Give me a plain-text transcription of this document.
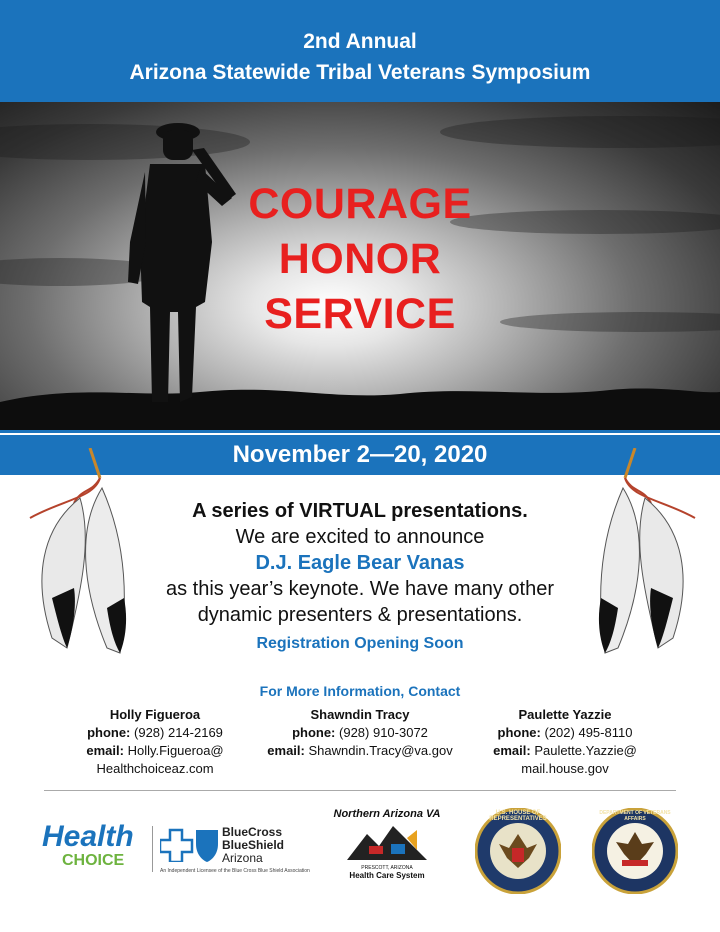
2nd Annual
Arizona Statewide Tribal Veterans Symposium
COURAGE
HONOR
SERVICE
November 2—20, 2020
A series of VIRTUAL presentations.
We are excited to announce
D.J. Eagle Bear Vanas
as this year’s keynote. We have many other
dynamic presenters & presentations.
Registration Opening Soon
For More Information, Contact
Holly Figueroa
phone: (928) 214-2169
email: Holly.Figueroa@
Healthchoiceaz.com
Shawndin Tracy
phone: (928) 910-3072
email: Shawndin.Tracy@va.gov
Paulette Yazzie
phone: (202) 495-8110
email: Paulette.Yazzie@
mail.house.gov
Health
CHOICE
BlueCross
BlueShield
Arizona
An Independent Licensee of the Blue Cross Blue Shield Association
Northern Arizona VA
PRESCOTT, ARIZONA
Health Care System
U.S. HOUSE OF REPRESENTATIVES
DEPARTMENT OF VETERANS AFFAIRS
